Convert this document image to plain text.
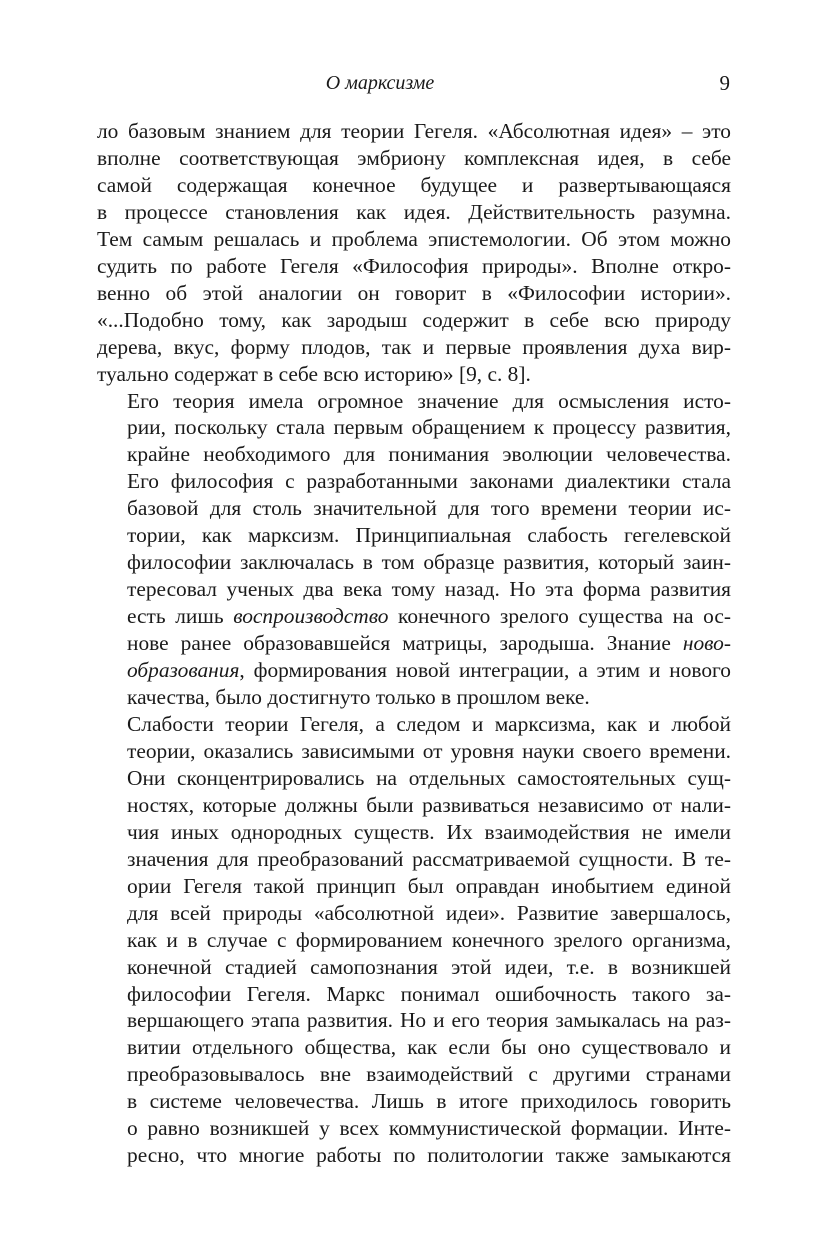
О марксизме	9

ло базовым знанием для теории Гегеля. «Абсолютная идея» – это
вполне соответствующая эмбриону комплексная идея, в себе
самой содержащая конечное будущее и развертывающаяся
в процессе становления как идея. Действительность разумна.
Тем самым решалась и проблема эпистемологии. Об этом можно
судить по работе Гегеля «Философия природы». Вполне откро-
венно об этой аналогии он говорит в «Философии истории».
«...Подобно тому, как зародыш содержит в себе всю природу
дерева, вкус, форму плодов, так и первые проявления духа вир-
туально содержат в себе всю историю» [9, с. 8].

Его теория имела огромное значение для осмысления исто-
рии, поскольку стала первым обращением к процессу развития,
крайне необходимого для понимания эволюции человечества.
Его философия с разработанными законами диалектики стала
базовой для столь значительной для того времени теории ис-
тории, как марксизм. Принципиальная слабость гегелевской
философии заключалась в том образце развития, который заин-
тересовал ученых два века тому назад. Но эта форма развития
есть лишь воспроизводство конечного зрелого существа на ос-
нове ранее образовавшейся матрицы, зародыша. Знание ново-
образования, формирования новой интеграции, а этим и нового
качества, было достигнуто только в прошлом веке.

Слабости теории Гегеля, а следом и марксизма, как и любой
теории, оказались зависимыми от уровня науки своего времени.
Они сконцентрировались на отдельных самостоятельных сущ-
ностях, которые должны были развиваться независимо от нали-
чия иных однородных существ. Их взаимодействия не имели
значения для преобразований рассматриваемой сущности. В те-
ории Гегеля такой принцип был оправдан инобытием единой
для всей природы «абсолютной идеи». Развитие завершалось,
как и в случае с формированием конечного зрелого организма,
конечной стадией самопознания этой идеи, т.е. в возникшей
философии Гегеля. Маркс понимал ошибочность такого за-
вершающего этапа развития. Но и его теория замыкалась на раз-
витии отдельного общества, как если бы оно существовало и
преобразовывалось вне взаимодействий с другими странами
в системе человечества. Лишь в итоге приходилось говорить
о равно возникшей у всех коммунистической формации. Инте-
ресно, что многие работы по политологии также замыкаются
